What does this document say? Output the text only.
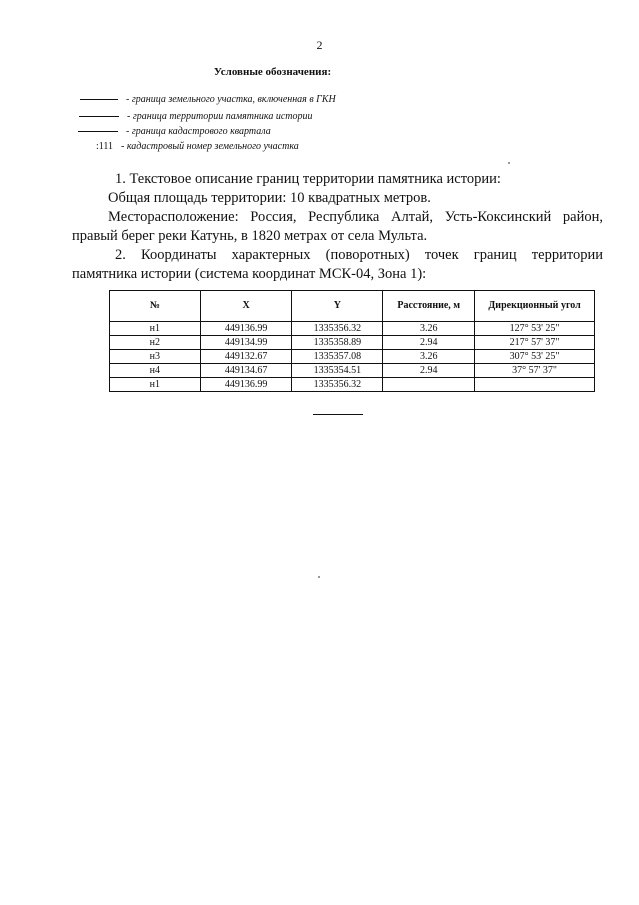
2
Условные обозначения:
- граница земельного участка, включенная в ГКН
- граница территории памятника истории
- граница кадастрового квартала
:111 - кадастровый номер земельного участка
1. Текстовое описание границ территории памятника истории:
Общая площадь территории: 10 квадратных метров.
Месторасположение: Россия, Республика Алтай, Усть-Коксинский район,
правый берег реки Катунь, в 1820 метрах от села Мульта.
2. Координаты характерных (поворотных) точек границ территории
памятника истории (система координат МСК-04, Зона 1):
№	X	Y	Расстояние, м	Дирекционный угол
н1	449136.99	1335356.32	3.26	127° 53' 25"
н2	449134.99	1335358.89	2.94	217° 57' 37"
н3	449132.67	1335357.08	3.26	307° 53' 25"
н4	449134.67	1335354.51	2.94	37° 57' 37"
н1	449136.99	1335356.32		
